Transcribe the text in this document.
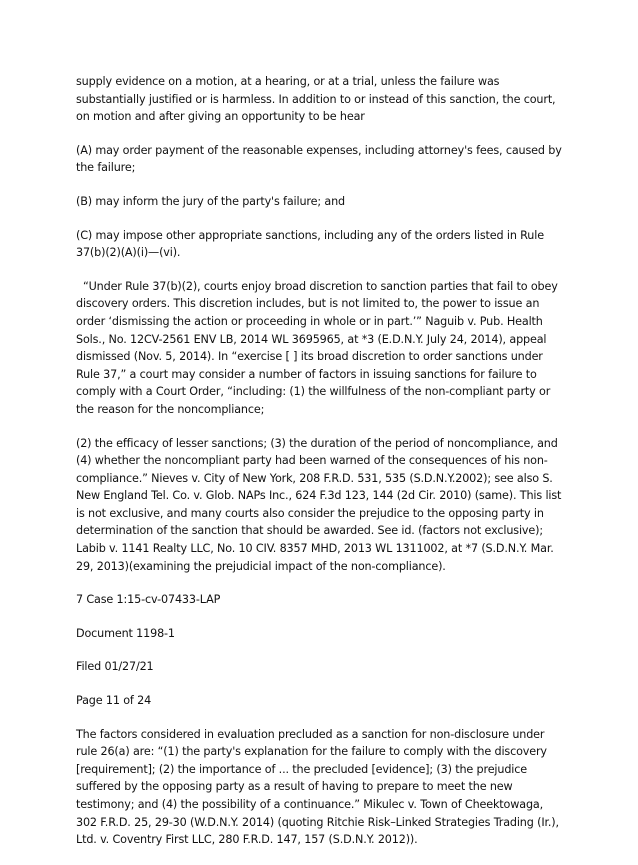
supply evidence on a motion, at a hearing, or at a trial, unless the failure was substantially justified or is harmless. In addition to or instead of this sanction, the court, on motion and after giving an opportunity to be hear

(A) may order payment of the reasonable expenses, including attorney's fees, caused by the failure;

(B) may inform the jury of the party's failure; and

(C) may impose other appropriate sanctions, including any of the orders listed in Rule 37(b)(2)(A)(i)—(vi).

“Under Rule 37(b)(2), courts enjoy broad discretion to sanction parties that fail to obey discovery orders. This discretion includes, but is not limited to, the power to issue an order ‘dismissing the action or proceeding in whole or in part.’” Naguib v. Pub. Health Sols., No. 12CV-2561 ENV LB, 2014 WL 3695965, at *3 (E.D.N.Y. July 24, 2014), appeal dismissed (Nov. 5, 2014). In “exercise [ ] its broad discretion to order sanctions under Rule 37,” a court may consider a number of factors in issuing sanctions for failure to comply with a Court Order, “including: (1) the willfulness of the non-compliant party or the reason for the noncompliance;

(2) the efficacy of lesser sanctions; (3) the duration of the period of noncompliance, and (4) whether the noncompliant party had been warned of the consequences of his non-compliance.” Nieves v. City of New York, 208 F.R.D. 531, 535 (S.D.N.Y.2002); see also S. New England Tel. Co. v. Glob. NAPs Inc., 624 F.3d 123, 144 (2d Cir. 2010) (same). This list is not exclusive, and many courts also consider the prejudice to the opposing party in determination of the sanction that should be awarded. See id. (factors not exclusive); Labib v. 1141 Realty LLC, No. 10 CIV. 8357 MHD, 2013 WL 1311002, at *7 (S.D.N.Y. Mar. 29, 2013)(examining the prejudicial impact of the non-compliance).

7 Case 1:15-cv-07433-LAP

Document 1198-1

Filed 01/27/21

Page 11 of 24

The factors considered in evaluation precluded as a sanction for non-disclosure under rule 26(a) are: “(1) the party's explanation for the failure to comply with the discovery [requirement]; (2) the importance of ... the precluded [evidence]; (3) the prejudice suffered by the opposing party as a result of having to prepare to meet the new testimony; and (4) the possibility of a continuance.” Mikulec v. Town of Cheektowaga, 302 F.R.D. 25, 29-30 (W.D.N.Y. 2014) (quoting Ritchie Risk–Linked Strategies Trading (Ir.), Ltd. v. Coventry First LLC, 280 F.R.D. 147, 157 (S.D.N.Y. 2012)).
